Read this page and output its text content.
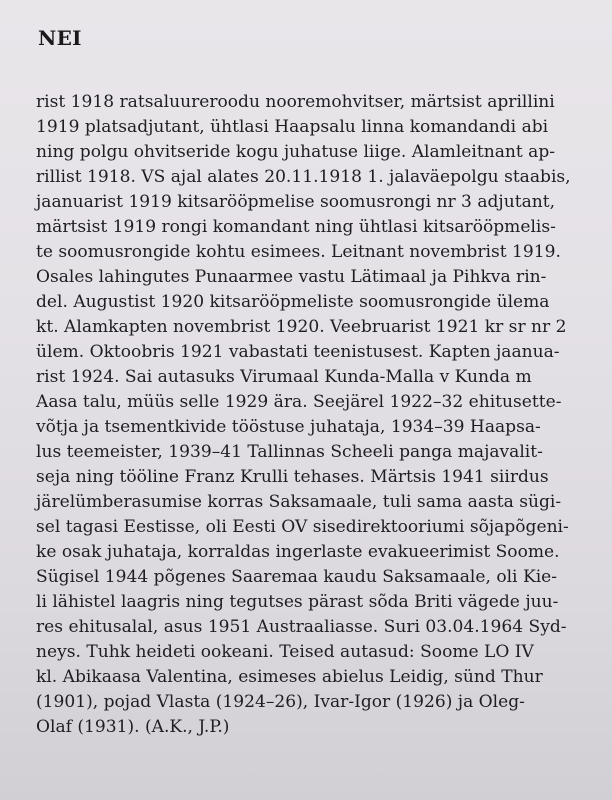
NEI
rist 1918 ratsaluureroodu nooremohvitser, märtsist aprillini
1919 platsadjutant, ühtlasi Haapsalu linna komandandi abi
ning polgu ohvitseride kogu juhatuse liige. Alamleitnant ap-
rillist 1918. VS ajal alates 20.11.1918 1. jalaväepolgu staabis,
jaanuarist 1919 kitsarööpmelise soomusrongi nr 3 adjutant,
märtsist 1919 rongi komandant ning ühtlasi kitsarööpmelis-
te soomusrongide kohtu esimees. Leitnant novembrist 1919.
Osales lahingutes Punaarmee vastu Lätimaal ja Pihkva rin-
del. Augustist 1920 kitsarööpmeliste soomusrongide ülema
kt. Alamkapten novembrist 1920. Veebruarist 1921 kr sr nr 2
ülem. Oktoobris 1921 vabastati teenistusest. Kapten jaanua-
rist 1924. Sai autasuks Virumaal Kunda-Malla v Kunda m
Aasa talu, müüs selle 1929 ära. Seejärel 1922–32 ehitusette-
võtja ja tsementkivide tööstuse juhataja, 1934–39 Haapsa-
lus teemeister, 1939–41 Tallinnas Scheeli panga majavalit-
seja ning tööline Franz Krulli tehases. Märtsis 1941 siirdus
järelümberasumise korras Saksamaale, tuli sama aasta sügi-
sel tagasi Eestisse, oli Eesti OV sisedirektooriumi sõjapõgeni-
ke osak juhataja, korraldas ingerlaste evakueerimist Soome.
Sügisel 1944 põgenes Saaremaa kaudu Saksamaale, oli Kie-
li lähistel laagris ning tegutses pärast sõda Briti vägede juu-
res ehitusalal, asus 1951 Austraaliasse. Suri 03.04.1964 Syd-
neys. Tuhk heideti ookeani. Teised autasud: Soome LO IV
kl. Abikaasa Valentina, esimeses abielus Leidig, sünd Thur
(1901), pojad Vlasta (1924–26), Ivar-Igor (1926) ja Oleg-
Olaf (1931). (A.K., J.P.)
